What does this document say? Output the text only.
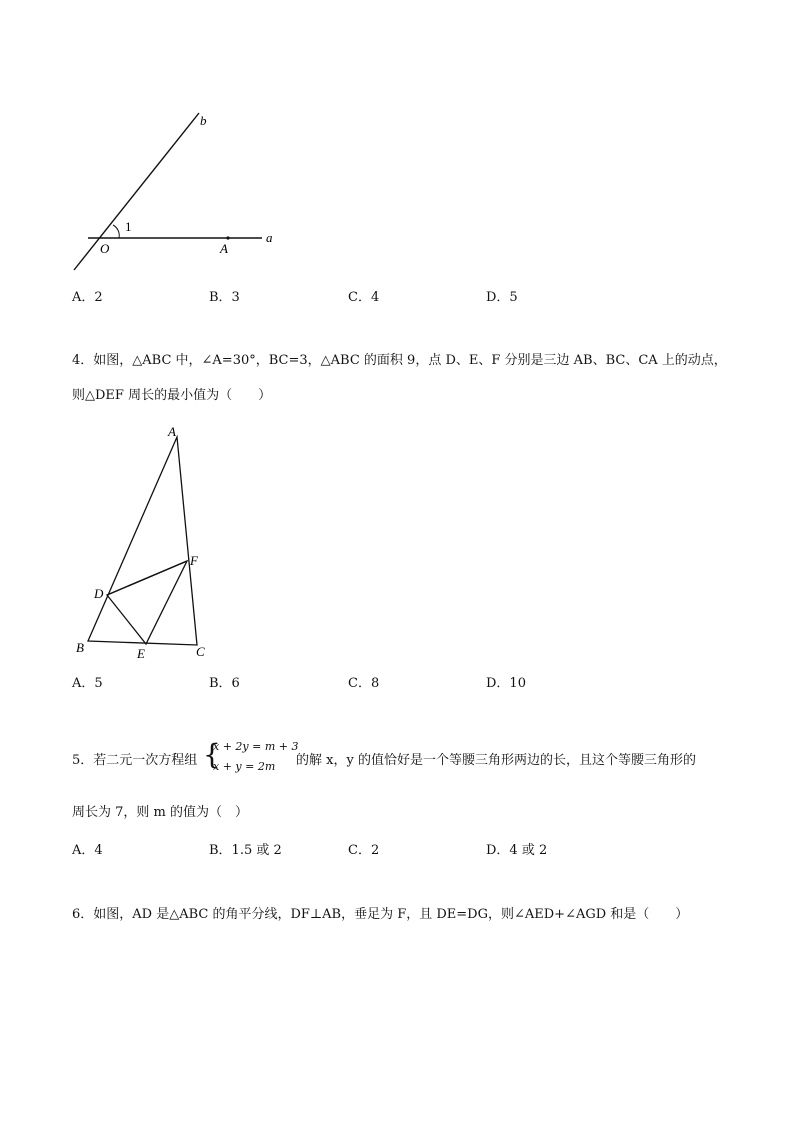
b
1
O	A
a
A．2	B．3	C．4	D．5
4．如图，△ABC 中，∠A=30°，BC=3，△ABC 的面积 9，点 D、E、F 分别是三边 AB、BC、CA 上的动点，
则△DEF 周长的最小值为（　　）
A
B	C
D
E
F
A．5	B．6	C．8	D．10
5．若二元一次方程组 {
x + 2y = m + 3
x + y = 2m 的解 x，y 的值恰好是一个等腰三角形两边的长，且这个等腰三角形的
周长为 7，则 m 的值为（　）
A．4	B．1.5 或 2	C．2	D．4 或 2
6．如图，AD 是△ABC 的角平分线，DF⊥AB，垂足为 F，且 DE=DG，则∠AED+∠AGD 和是（　　）
